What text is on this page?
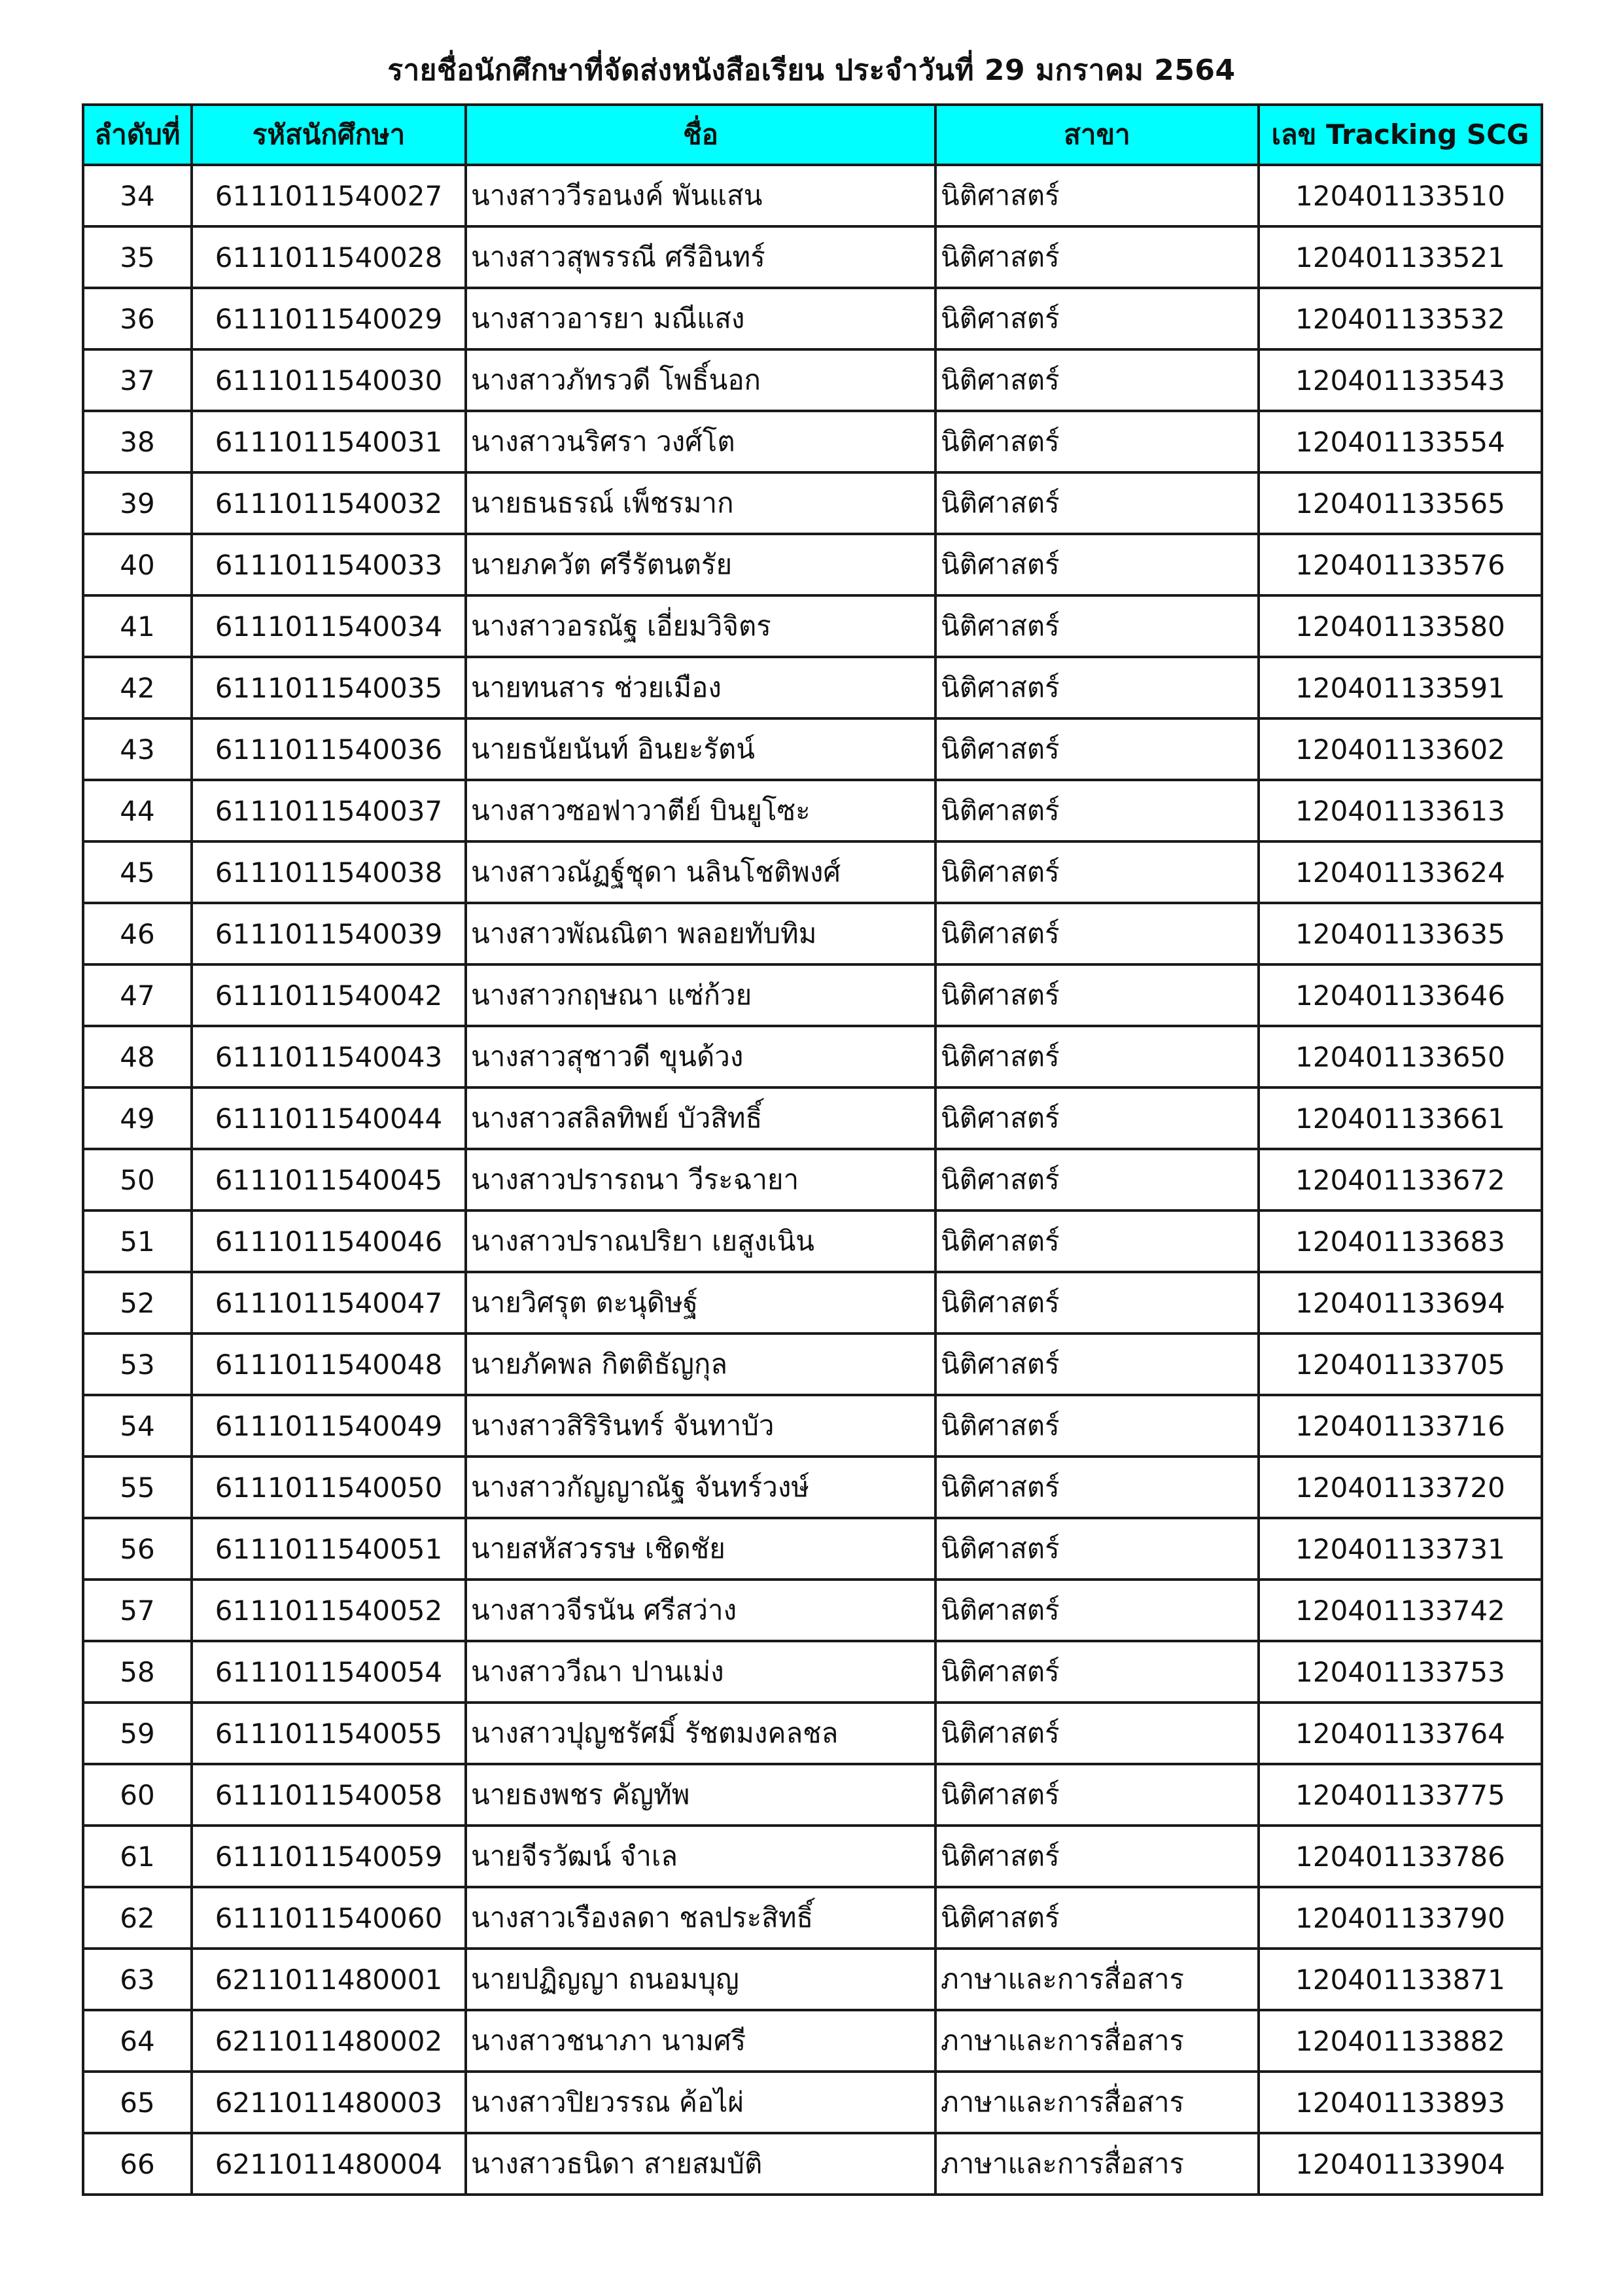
รายชื่อนักศึกษาที่จัดส่งหนังสือเรียน ประจำวันที่ 29 มกราคม 2564
ลำดับที่	รหัสนักศึกษา	ชื่อ	สาขา	เลข Tracking SCG
34	6111011540027	นางสาววีรอนงค์ พันแสน	นิติศาสตร์	120401133510
35	6111011540028	นางสาวสุพรรณี ศรีอินทร์	นิติศาสตร์	120401133521
36	6111011540029	นางสาวอารยา มณีแสง	นิติศาสตร์	120401133532
37	6111011540030	นางสาวภัทรวดี โพธิ์นอก	นิติศาสตร์	120401133543
38	6111011540031	นางสาวนริศรา วงศ์โต	นิติศาสตร์	120401133554
39	6111011540032	นายธนธรณ์ เพ็ชรมาก	นิติศาสตร์	120401133565
40	6111011540033	นายภควัต ศรีรัตนตรัย	นิติศาสตร์	120401133576
41	6111011540034	นางสาวอรณัฐ เอี่ยมวิจิตร	นิติศาสตร์	120401133580
42	6111011540035	นายทนสาร ช่วยเมือง	นิติศาสตร์	120401133591
43	6111011540036	นายธนัยนันท์ อินยะรัตน์	นิติศาสตร์	120401133602
44	6111011540037	นางสาวซอฟาวาตีย์ บินยูโซะ	นิติศาสตร์	120401133613
45	6111011540038	นางสาวณัฏฐ์ชุดา นลินโชติพงศ์	นิติศาสตร์	120401133624
46	6111011540039	นางสาวพัณณิตา พลอยทับทิม	นิติศาสตร์	120401133635
47	6111011540042	นางสาวกฤษณา แซ่ก้วย	นิติศาสตร์	120401133646
48	6111011540043	นางสาวสุชาวดี ขุนด้วง	นิติศาสตร์	120401133650
49	6111011540044	นางสาวสลิลทิพย์ บัวสิทธิ์	นิติศาสตร์	120401133661
50	6111011540045	นางสาวปรารถนา วีระฉายา	นิติศาสตร์	120401133672
51	6111011540046	นางสาวปราณปริยา เยสูงเนิน	นิติศาสตร์	120401133683
52	6111011540047	นายวิศรุต ตะนุดิษฐ์	นิติศาสตร์	120401133694
53	6111011540048	นายภัคพล กิตติธัญกุล	นิติศาสตร์	120401133705
54	6111011540049	นางสาวสิริรินทร์ จันทาบัว	นิติศาสตร์	120401133716
55	6111011540050	นางสาวกัญญาณัฐ จันทร์วงษ์	นิติศาสตร์	120401133720
56	6111011540051	นายสหัสวรรษ เชิดชัย	นิติศาสตร์	120401133731
57	6111011540052	นางสาวจีรนัน ศรีสว่าง	นิติศาสตร์	120401133742
58	6111011540054	นางสาววีณา ปานเม่ง	นิติศาสตร์	120401133753
59	6111011540055	นางสาวปุญชรัศมิ์ รัชตมงคลชล	นิติศาสตร์	120401133764
60	6111011540058	นายธงพชร คัญทัพ	นิติศาสตร์	120401133775
61	6111011540059	นายจีรวัฒน์ จำเล	นิติศาสตร์	120401133786
62	6111011540060	นางสาวเรืองลดา ชลประสิทธิ์	นิติศาสตร์	120401133790
63	6211011480001	นายปฏิญญา ถนอมบุญ	ภาษาและการสื่อสาร	120401133871
64	6211011480002	นางสาวชนาภา นามศรี	ภาษาและการสื่อสาร	120401133882
65	6211011480003	นางสาวปิยวรรณ ค้อไผ่	ภาษาและการสื่อสาร	120401133893
66	6211011480004	นางสาวธนิดา สายสมบัติ	ภาษาและการสื่อสาร	120401133904
